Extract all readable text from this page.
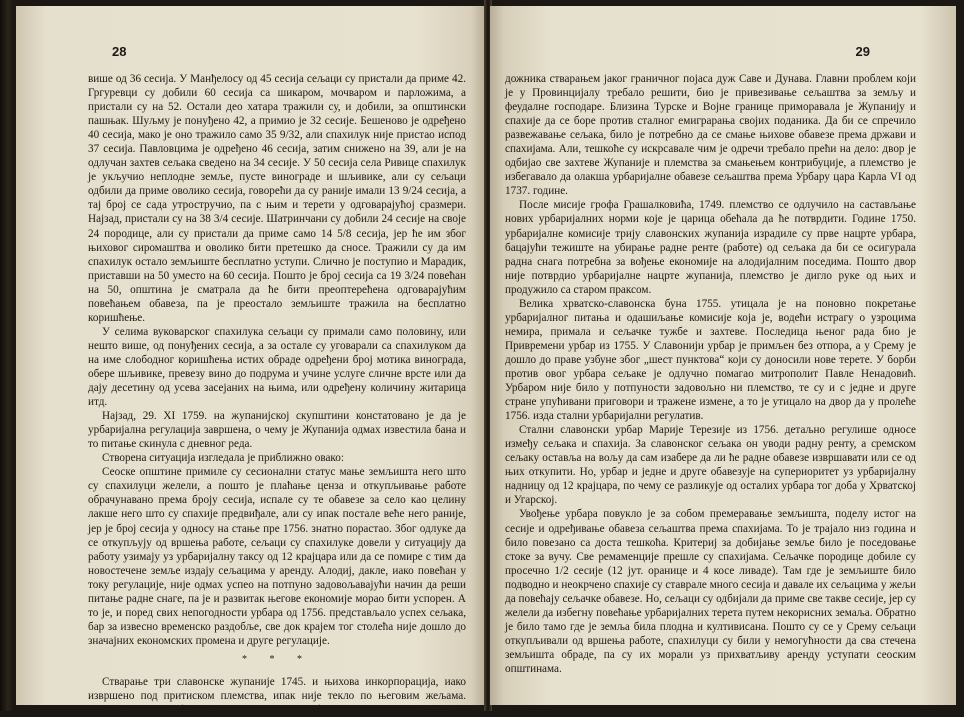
28

више од 36 сесија. У Манђелосу од 45 сесија сељаци су пристали да приме 42. Гргуревци су добили 60 сесија са шикаром, мочваром и парложима, а пристали су на 52. Остали део хатара тражили су, и добили, за општински пашњак. Шуљму је понуђено 42, а примио је 32 сесије. Бешеново је одређено 40 сесија, мако је оно тражило само 35 9/32, али спахилук није пристао испод 37 сесија. Павловцима је одређено 46 сесија, затим снижено на 39, али је на одлучан захтев сељака сведено на 34 сесије. У 50 сесија села Ривице спахилук је укључио неплодне земље, пусте винограде и шљивике, али су сељаци одбили да приме оволико сесија, говорећи да су раније имали 13 9/24 сесија, а тај број се сада утростручио, па с њим и терети у одговарајућој сразмери. Најзад, пристали су на 38 3/4 сесије. Шатринчани су добили 24 сесије на своје 24 породице, али су пристали да приме само 14 5/8 сесија, јер ће им због њиховог сиромаштва и оволико бити претешко да сносе. Тражили су да им спахилук остало земљиште бесплатно уступи. Слично је поступио и Марадик, приставши на 50 уместо на 60 сесија. Пошто је број сесија са 19 3/24 повећан на 50, општина је сматрала да ће бити преоптерећена одговарајућим повећањем обавеза, па је преостало земљиште тражила на бесплатно коришћење.

У селима вуковарског спахилука сељаци су примали само половину, или нешто више, од понуђених сесија, а за остале су уговарали са спахилуком да на име слободног коришћења истих обраде одређени број мотика винограда, обере шљивике, превезу вино до подрума и учине услуге сличне врсте или да дају десетину од усева засејаних на њима, или одређену количину житарица итд.

Најзад, 29. XI 1759. на жупанијској скупштини констатовано је да је урбаријална регулација завршена, о чему је Жупанија одмах известила бана и то питање скинула с дневног реда.

Створена ситуација изгледала је приближно овако:

Сеоске општине примиле су сесионални статус мање земљишта него што су спахилуци желели, а пошто је плаћање цензa и откупљивање работе обрачунавано према броју сесија, испале су те обавезе за село као целину лакше него што су спахије предвиђале, али су ипак постале веће него раније, јер је број сесија у односу на стање пре 1756. знатно порастао. Због одлуке да се откупљују од вршења работе, сељаци су спахилуке довели у ситуацију да работу узимају уз урбаријалну таксу од 12 крајцара или да се помире с тим да новостечене земље издају сељацима у аренду. Алодиј, дакле, иако повећан у току регулације, није одмах успео на потпуно задовољавајући начин да реши питање радне снаге, па је и развитак његове економије морао бити успорен. А то је, и поред свих непогодности урбара од 1756. представљало успех сељака, бар за извесно временско раздобље, све док крајем тог столећа није дошло до значајних економских промена и друге регулације.

* * *

Стварање три славонске жупаније 1745. и њихова инкорпорација, иако извршено под притиском племства, ипак није текло по његовим жељама. Спахилуци су изгубили многе поседе и велики број под-

29

дожника стварањем јаког граничног појаса дуж Саве и Дунава. Главни проблем који је у Провинцијалу требало решити, био је привезивање сељаштва за земљу и феудалне господаре. Близина Турске и Војне границе приморавала је Жупанију и спахије да се боре против сталног емиграрања својих поданика. Да би се спречило развежавање сељака, било је потребно да се смање њихове обавезе према држави и спахијама. Али, тешкоће су искрсавале чим је одречи требало прећи на дело: двор је одбијао све захтеве Жупаније и племства за смањењем контрибуције, а племство је избегавало да олакша урбаријалне обавезе сељаштва према Урбару цара Карла VI од 1737. године.

После мисије грофа Грашалковића, 1749. племство се одлучило на састављање нових урбаријалних норми које је царица обећала да ће потврдити. Године 1750. урбаријалне комисије трију славонских жупанија израдиле су прве нацрте урбара, бацајући тежиште на убирање радне ренте (работе) од сељака да би се осигурала радна снага потребна за вођење економије на алодијалним поседима. Пошто двор није потврдио урбаријалне нацрте жупанија, племство је дигло руке од њих и продужило са старом праксом.

Велика хрватско-славонска буна 1755. утицала је на поновно покретање урбаријалног питања и одашиљање комисије која је, водећи истрагу о узроцима немира, примала и сељачке тужбе и захтеве. Последица њеног рада био је Привремени урбар из 1755. У Славонији урбар је примљен без отпора, а у Срему је дошло до праве узбуне због „шест пунктова“ који су доносили нове терете. У борби против овог урбара сељаке је одлучно помагао митрополит Павле Ненадовић. Урбаром није било у потпуности задовољно ни племство, те су и с једне и друге стране упућивани приговори и тражене измене, а то је утицало на двор да у пролеће 1756. изда стални урбаријални регулатив.

Стални славонски урбар Марије Терезије из 1756. детаљно регулише односе између сељака и спахија. За славонског сељака он уводи радну ренту, а сремском сељаку оставља на вољу да сам изабере да ли ће радне обавезе извршавати или се од њих откупити. Но, урбар и једне и друге обавезује на супериоритет уз урбаријалну надницу од 12 крајцара, по чему се разликује од осталих урбара тог доба у Хрватској и Угарској.

Увођење урбара повукло је за собом премеравање земљишта, поделу истог на сесије и одређивање обавеза сељаштва према спахијама. То је трајало низ година и било повезано са доста тешкоћа. Критериј за добијање земље било је поседовање стоке за вучу. Све ремаменције прешле су спахијама. Сељачке породице добиле су просечно 1/2 сесије (12 јут. оранице и 4 косе ливаде). Там где је земљиште било подводно и неокрчено спахије су ставрале много сесија и давале их сељацима у жељи да повећају сељачке обавезе. Но, сељаци су одбијали да приме све такве сесије, јер су желели да избегну повећање урбаријалних терета путем некорисних земаља. Обратно је било тамо где је земља била плодна и култивисана. Пошто су се у Срему сељаци откупљивали од вршења работе, спахилуци су били у немогућности да сва стечена земљишта обраде, па су их морали уз прихватљиву аренду уступати сеоским општинама.
